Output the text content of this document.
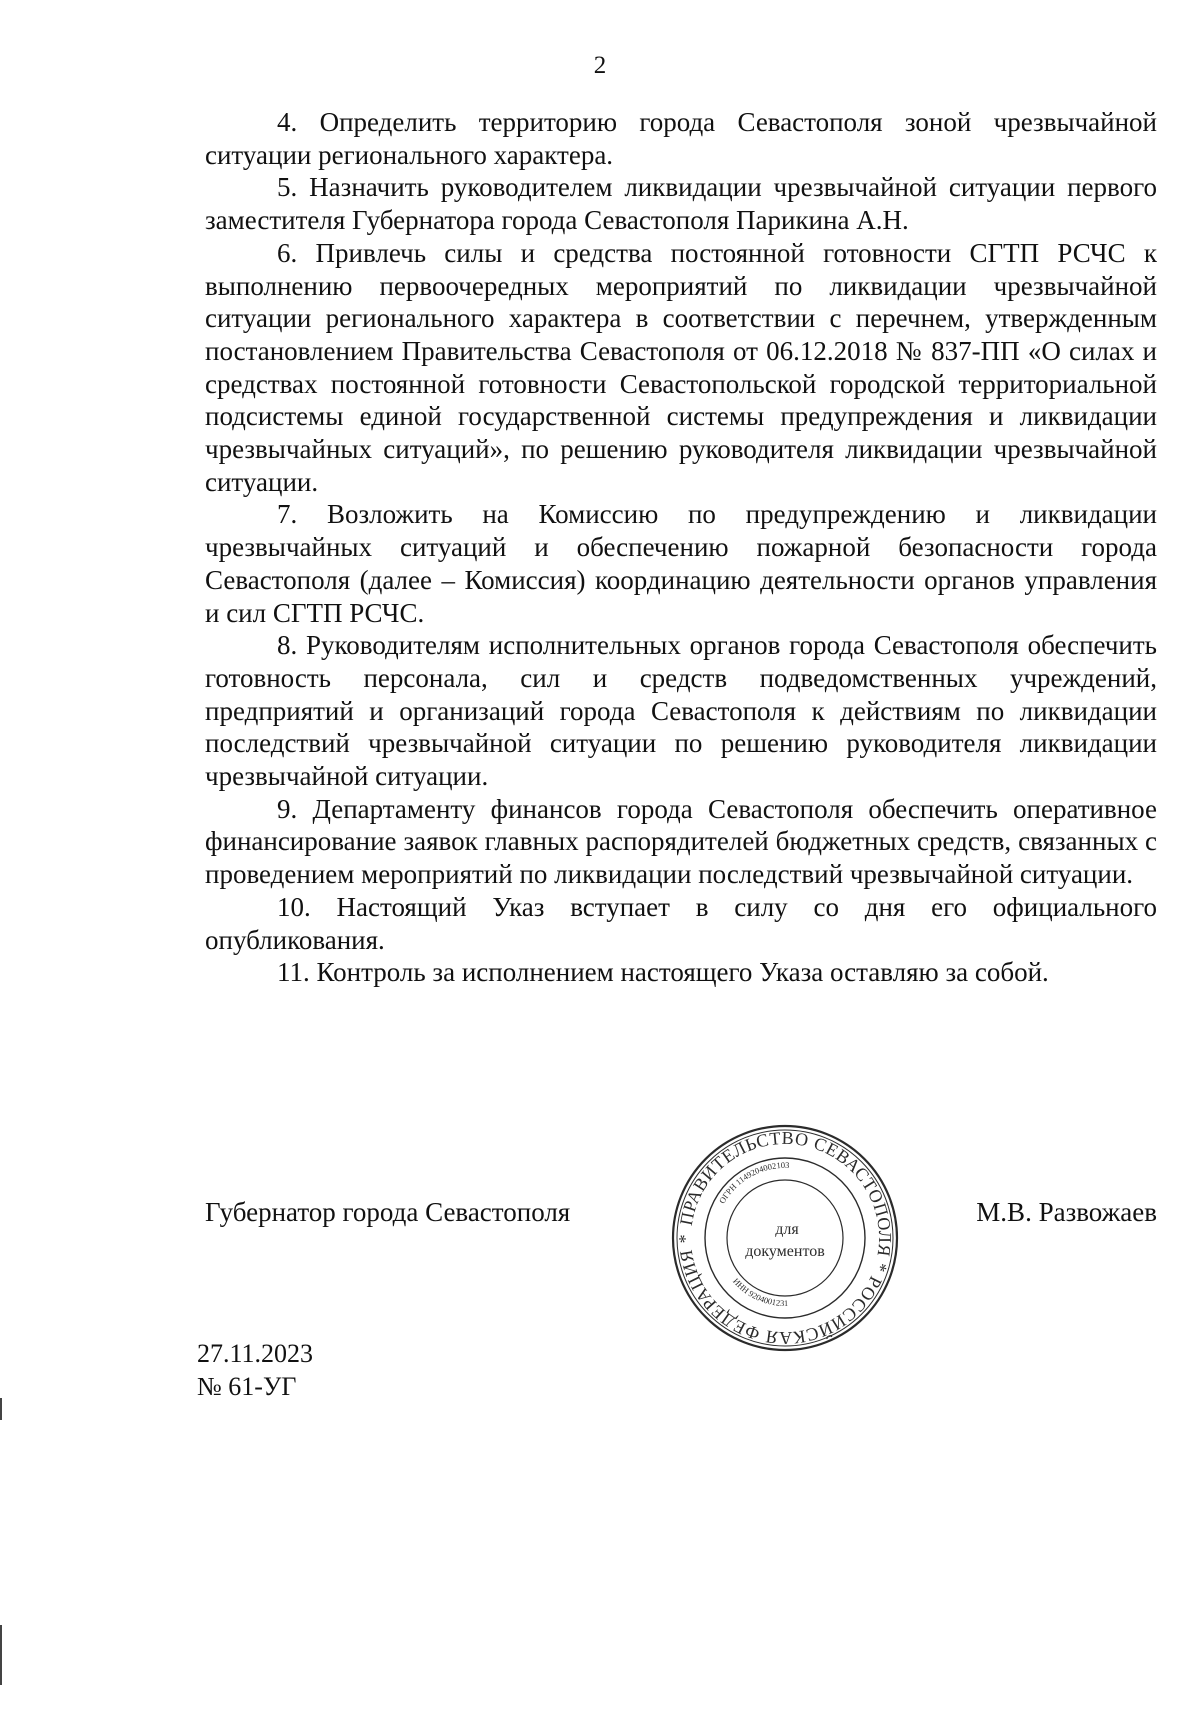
2

4. Определить территорию города Севастополя зоной чрезвычайной ситуации регионального характера.

5. Назначить руководителем ликвидации чрезвычайной ситуации первого заместителя Губернатора города Севастополя Парикина А.Н.

6. Привлечь силы и средства постоянной готовности СГТП РСЧС к выполнению первоочередных мероприятий по ликвидации чрезвычайной ситуации регионального характера в соответствии с перечнем, утвержденным постановлением Правительства Севастополя от 06.12.2018 № 837-ПП «О силах и средствах постоянной готовности Севастопольской городской территориальной подсистемы единой государственной системы предупреждения и ликвидации чрезвычайных ситуаций», по решению руководителя ликвидации чрезвычайной ситуации.

7. Возложить на Комиссию по предупреждению и ликвидации чрезвычайных ситуаций и обеспечению пожарной безопасности города Севастополя (далее – Комиссия) координацию деятельности органов управления и сил СГТП РСЧС.

8. Руководителям исполнительных органов города Севастополя обеспечить готовность персонала, сил и средств подведомственных учреждений, предприятий и организаций города Севастополя к действиям по ликвидации последствий чрезвычайной ситуации по решению руководителя ликвидации чрезвычайной ситуации.

9. Департаменту финансов города Севастополя обеспечить оперативное финансирование заявок главных распорядителей бюджетных средств, связанных с проведением мероприятий по ликвидации последствий чрезвычайной ситуации.

10. Настоящий Указ вступает в силу со дня его официального опубликования.

11. Контроль за исполнением настоящего Указа оставляю за собой.

Губернатор города Севастополя	М.В. Развожаев
ПРАВИТЕЛЬСТВО СЕВАСТОПОЛЯ * РОССИЙСКАЯ ФЕДЕРАЦИЯ *
ОГРН 1149204002103
ИНН 9204001231
для
документов
27.11.2023
№ 61-УГ
